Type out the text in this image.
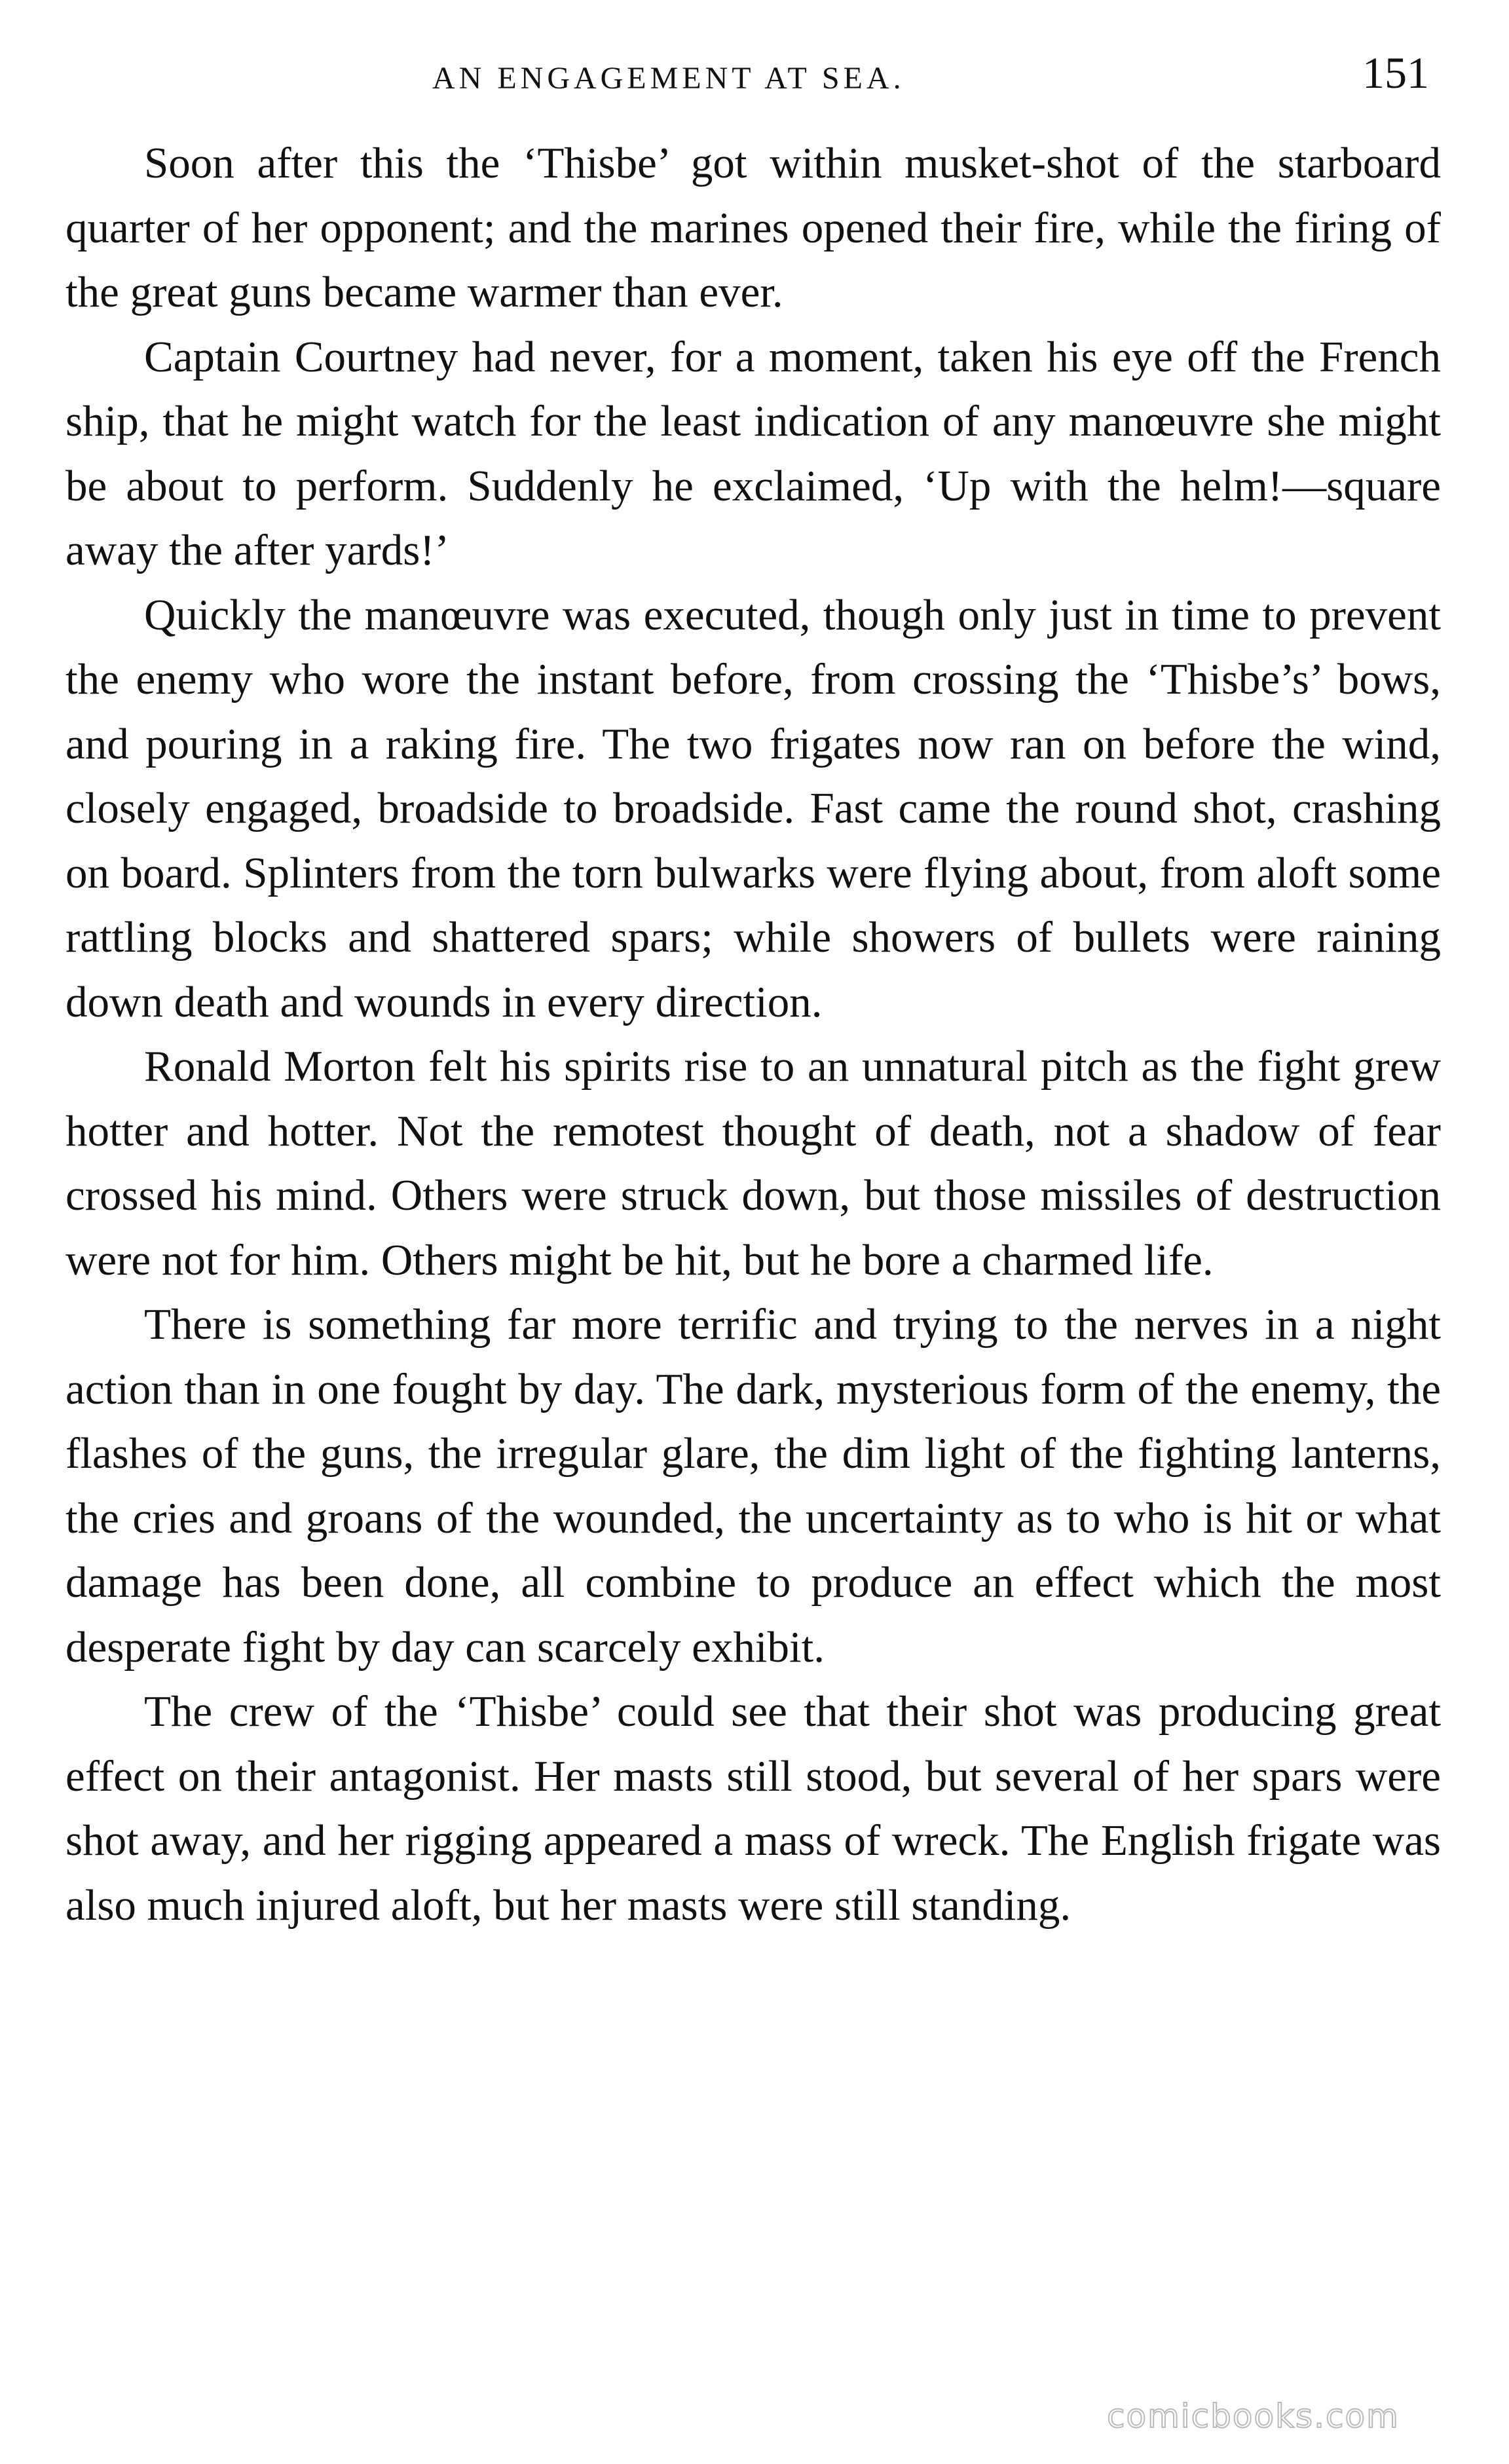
AN ENGAGEMENT AT SEA.	151

Soon after this the ‘Thisbe’ got within musket-shot of the starboard quarter of her opponent; and the marines opened their fire, while the firing of the great guns became warmer than ever.

Captain Courtney had never, for a moment, taken his eye off the French ship, that he might watch for the least indication of any manœuvre she might be about to perform. Suddenly he exclaimed, ‘Up with the helm!—square away the after yards!’

Quickly the manœuvre was executed, though only just in time to prevent the enemy who wore the instant before, from crossing the ‘Thisbe’s’ bows, and pouring in a raking fire. The two frigates now ran on before the wind, closely engaged, broadside to broadside. Fast came the round shot, crashing on board. Splinters from the torn bulwarks were flying about, from aloft some rattling blocks and shattered spars; while showers of bullets were raining down death and wounds in every direction.

Ronald Morton felt his spirits rise to an unnatural pitch as the fight grew hotter and hotter. Not the remotest thought of death, not a shadow of fear crossed his mind. Others were struck down, but those missiles of destruction were not for him. Others might be hit, but he bore a charmed life.

There is something far more terrific and trying to the nerves in a night action than in one fought by day. The dark, mysterious form of the enemy, the flashes of the guns, the irregular glare, the dim light of the fighting lanterns, the cries and groans of the wounded, the uncertainty as to who is hit or what damage has been done, all combine to produce an effect which the most desperate fight by day can scarcely exhibit.

The crew of the ‘Thisbe’ could see that their shot was producing great effect on their antagonist. Her masts still stood, but several of her spars were shot away, and her rigging appeared a mass of wreck. The English frigate was also much injured aloft, but her masts were still standing.

comicbooks.com
